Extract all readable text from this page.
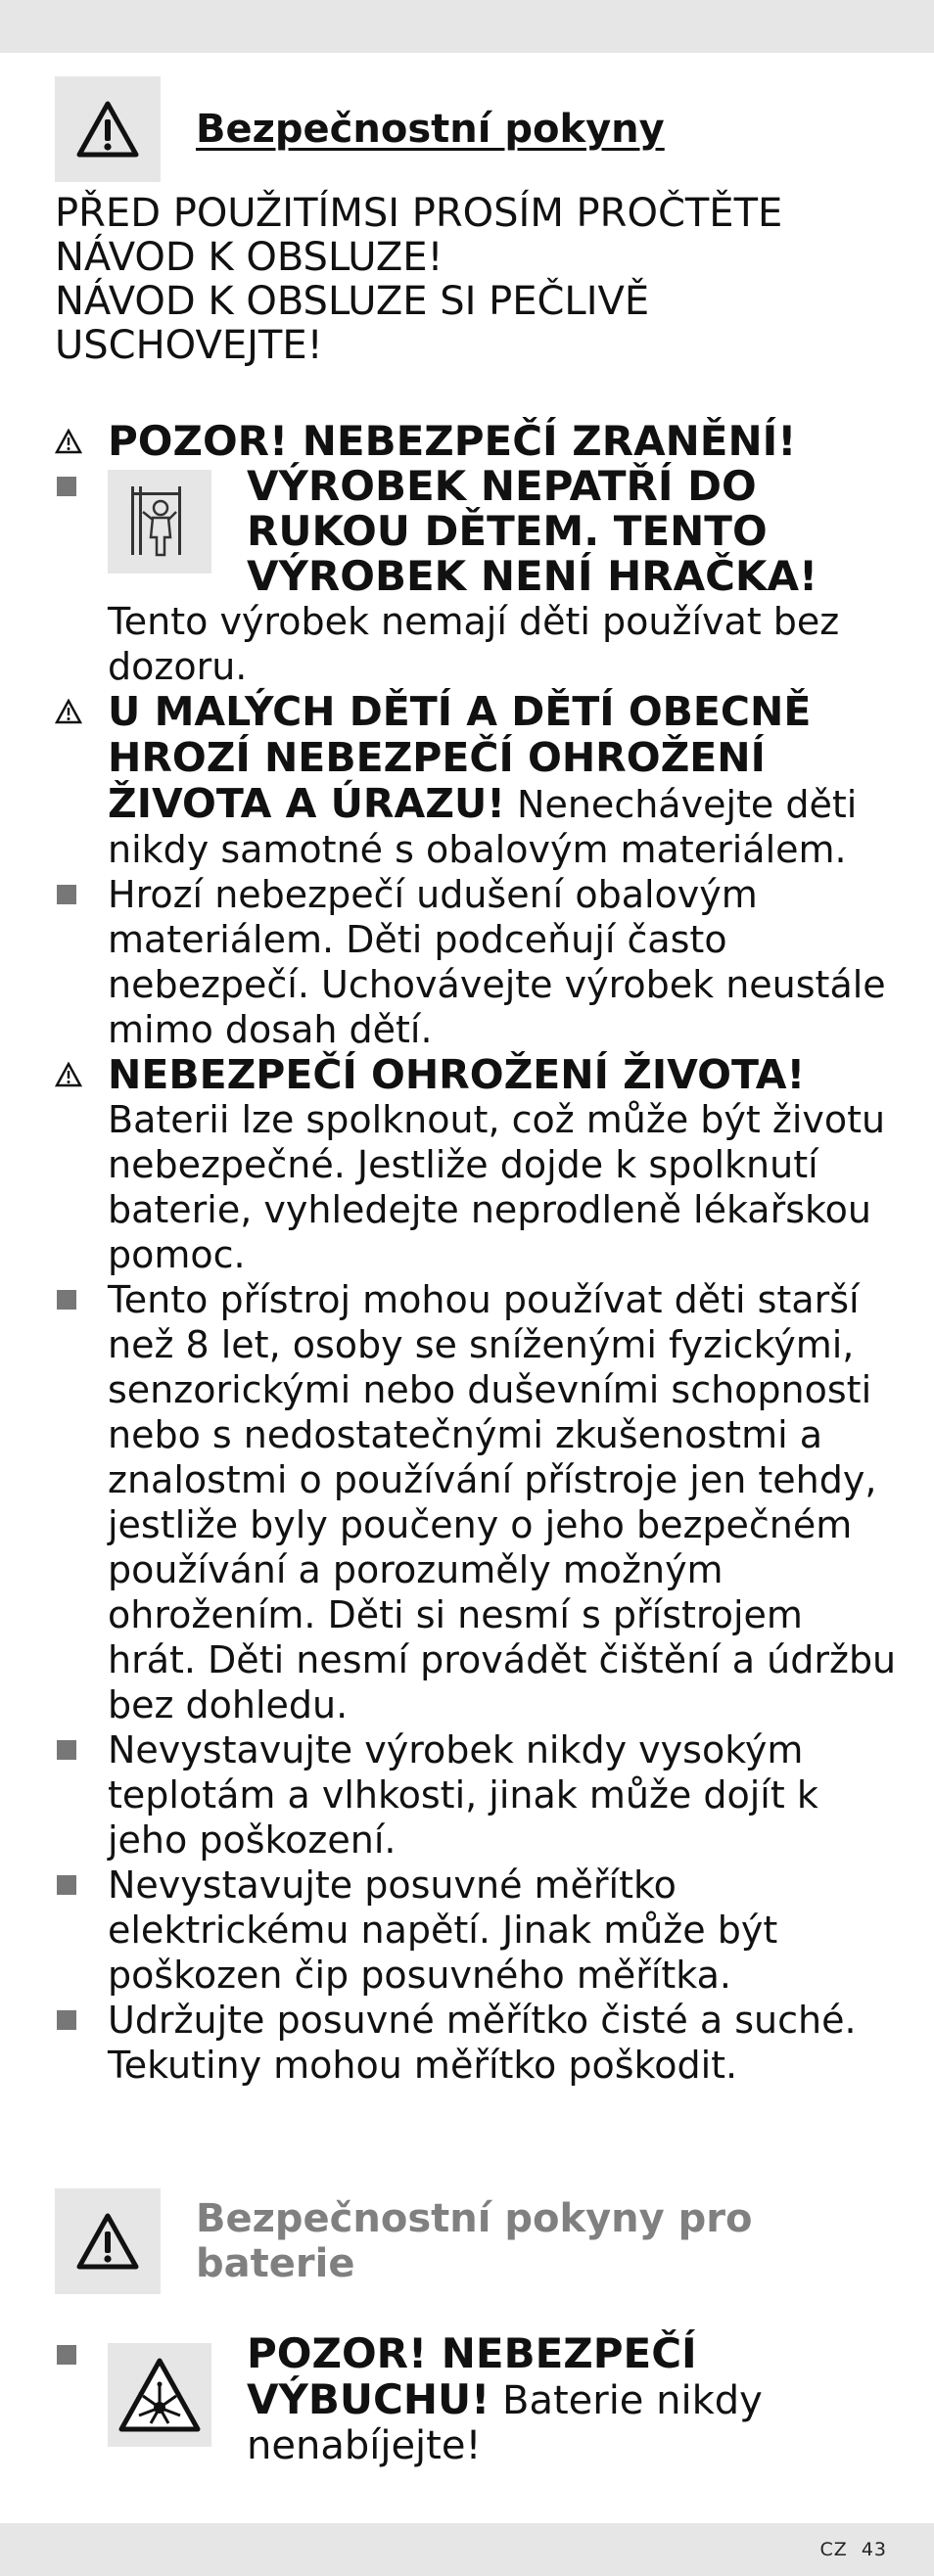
Bezpečnostní pokyny
PŘED POUŽITÍMSI PROSÍM PROČTĚTE
NÁVOD K OBSLUZE!
NÁVOD K OBSLUZE SI PEČLIVĚ
USCHOVEJTE!
POZOR! NEBEZPEČÍ ZRANĚNÍ!
VÝROBEK NEPATŘÍ DO RUKOU DĚTEM. TENTO VÝROBEK NENÍ HRAČKA!
Tento výrobek nemají děti používat bez dozoru.
U MALÝCH DĚTÍ A DĚTÍ OBECNĚ HROZÍ NEBEZPEČÍ OHROŽENÍ ŽIVOTA A ÚRAZU! Nenechávejte děti nikdy samotné s obalovým materiálem.
Hrozí nebezpečí udušení obalovým materiálem. Děti podceňují často nebezpečí. Uchovávejte výrobek neustále mimo dosah dětí.
NEBEZPEČÍ OHROŽENÍ ŽIVOTA!
Baterii lze spolknout, což může být životu nebezpečné. Jestliže dojde k spolknutí baterie, vyhledejte neprodleně lékařskou pomoc.
Tento přístroj mohou používat děti starší než 8 let, osoby se sníženými fyzickými, senzorickými nebo duševními schopnosti nebo s nedostatečnými zkušenostmi a znalostmi o používání přístroje jen tehdy, jestliže byly poučeny o jeho bezpečném používání a porozuměly možným ohrožením. Děti si nesmí s přístrojem hrát. Děti nesmí provádět čištění a údržbu bez dohledu.
Nevystavujte výrobek nikdy vysokým teplotám a vlhkosti, jinak může dojít k jeho poškození.
Nevystavujte posuvné měřítko elektrickému napětí. Jinak může být poškozen čip posuvného měřítka.
Udržujte posuvné měřítko čisté a suché. Tekutiny mohou měřítko poškodit.
Bezpečnostní pokyny pro baterie
POZOR! NEBEZPEČÍ VÝBUCHU! Baterie nikdy nenabíjejte!
CZ 43
